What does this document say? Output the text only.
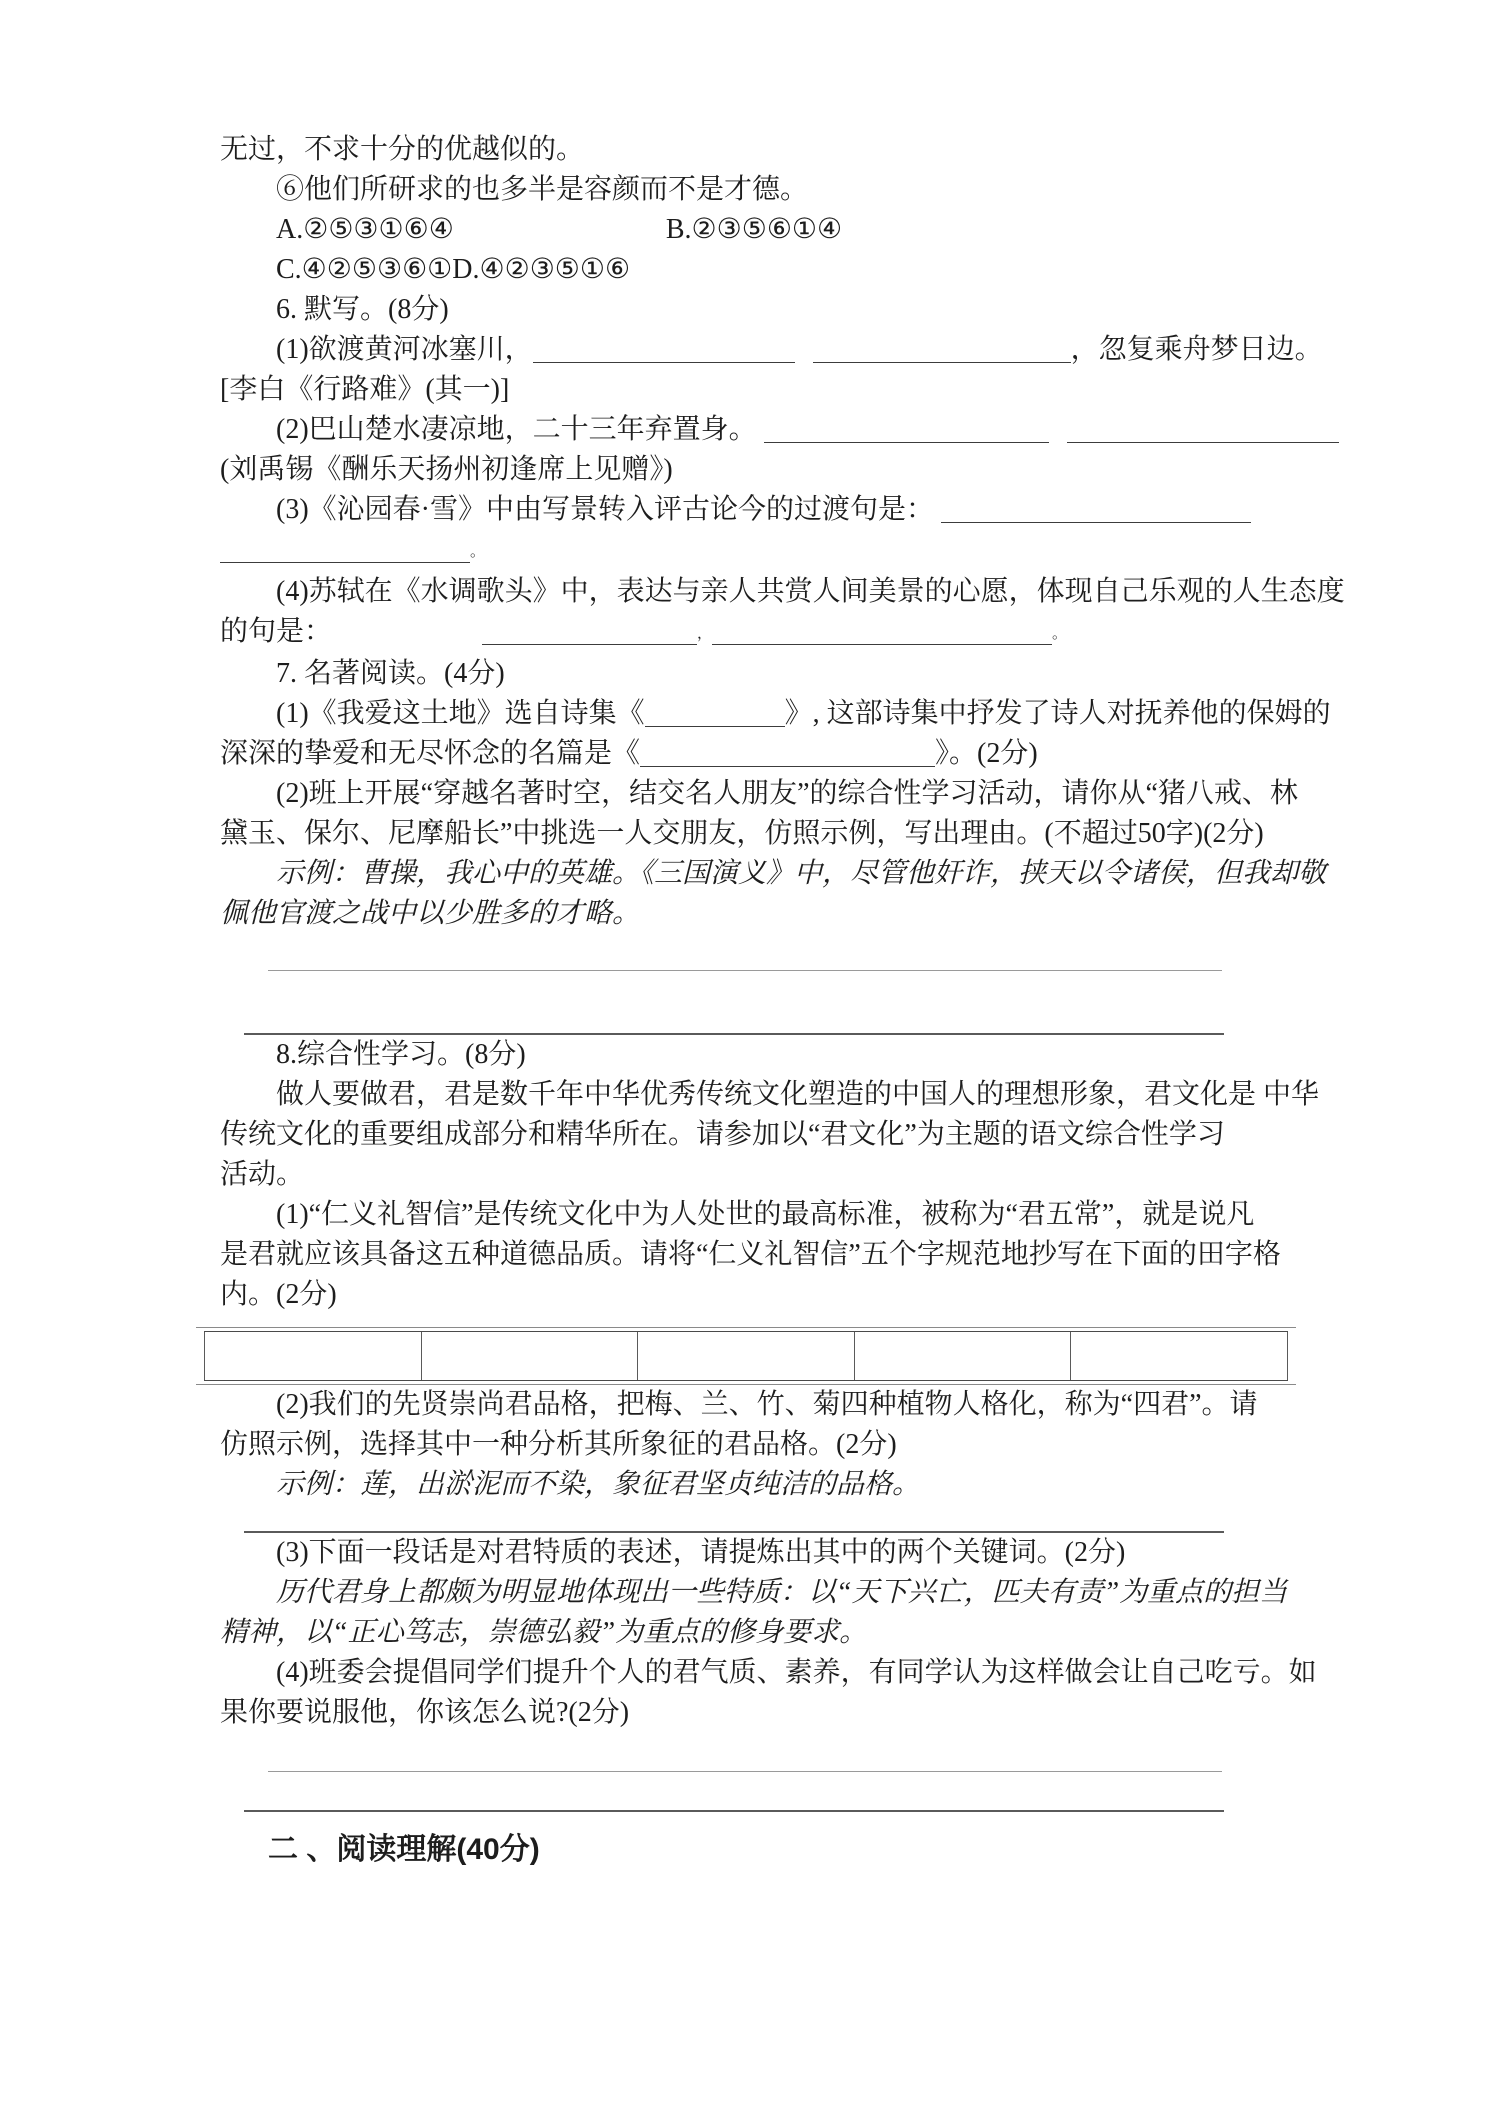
无过，不求十分的优越似的。

⑥他们所研求的也多半是容颜而不是才德。

A.②⑤③①⑥④	B.②③⑤⑥①④

C.④②⑤③⑥①D.④②③⑤①⑥

6. 默写。(8分)

(1)欲渡黄河冰塞川，	，忽复乘舟梦日边。

[李白《行路难》(其一)]

(2)巴山楚水凄凉地，二十三年弃置身。

(刘禹锡《酬乐天扬州初逢席上见赠》)

(3)《沁园春·雪》中由写景转入评古论今的过渡句是：

。

(4)苏轼在《水调歌头》中，表达与亲人共赏人间美景的心愿，体现自己乐观的人生态度

的句是：	，	。

7. 名著阅读。(4分)

(1)《我爱这土地》选自诗集《	》, 这部诗集中抒发了诗人对抚养他的保姆的

深深的挚爱和无尽怀念的名篇是《	》。(2分)

(2)班上开展“穿越名著时空，结交名人朋友”的综合性学习活动，请你从“猪八戒、林

黛玉、保尔、尼摩船长”中挑选一人交朋友，仿照示例，写出理由。(不超过50字)(2分)

示例：曹操，我心中的英雄。《三国演义》中，尽管他奸诈，挟天以令诸侯，但我却敬

佩他官渡之战中以少胜多的才略。

8.综合性学习。(8分)

做人要做君，君是数千年中华优秀传统文化塑造的中国人的理想形象，君文化是 中华

传统文化的重要组成部分和精华所在。请参加以“君文化”为主题的语文综合性学习

活动。

(1)“仁义礼智信”是传统文化中为人处世的最高标准，被称为“君五常”，就是说凡

是君就应该具备这五种道德品质。请将“仁义礼智信”五个字规范地抄写在下面的田字格

内。(2分)

(2)我们的先贤崇尚君品格，把梅、兰、竹、菊四种植物人格化，称为“四君”。请

仿照示例，选择其中一种分析其所象征的君品格。(2分)

示例：莲，出淤泥而不染，象征君坚贞纯洁的品格。

(3)下面一段话是对君特质的表述，请提炼出其中的两个关键词。(2分)

历代君身上都颇为明显地体现出一些特质：以“天下兴亡，匹夫有责”为重点的担当

精神，以“正心笃志，崇德弘毅”为重点的修身要求。

(4)班委会提倡同学们提升个人的君气质、素养，有同学认为这样做会让自己吃亏。如

果你要说服他，你该怎么说?(2分)

二 、阅读理解(40分)
